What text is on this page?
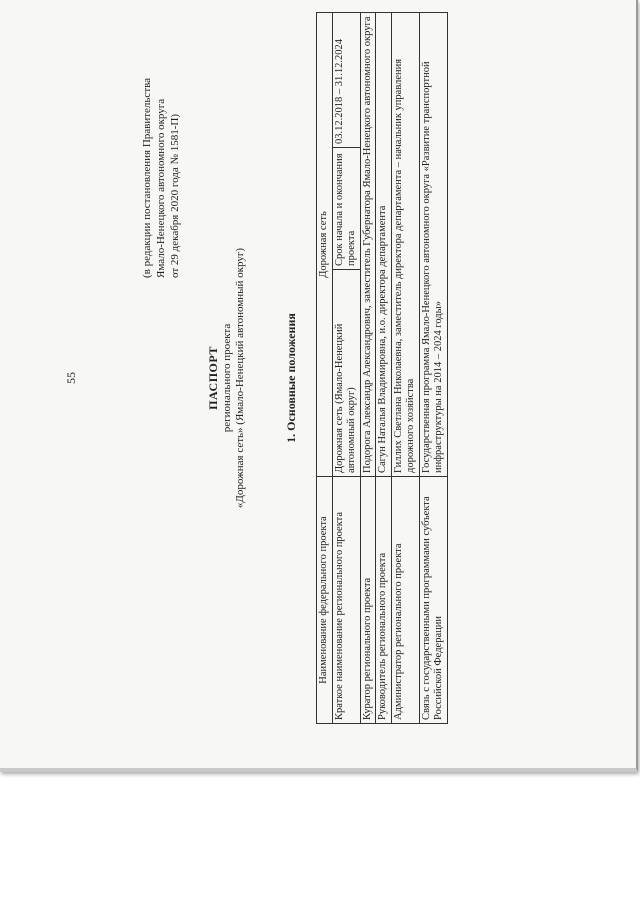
55
(в редакции постановления Правительства Ямало-Ненецкого автономного округа от 29 декабря 2020 года № 1581-П)
ПАСПОРТ регионального проекта «Дорожная сеть» (Ямало-Ненецкий автономный округ)	1. Основные положения
Наименование федерального проекта	Дорожная сеть		
Краткое наименование регионального проекта	Дорожная сеть (Ямало-Ненецкий автономный округ)	Срок начала и окончания проекта	03.12.2018 – 31.12.2024
Куратор регионального проекта	Подорога Александр Александрович, заместитель Губернатора Ямало-Ненецкого автономного округа		
Руководитель регионального проекта	Сагун Наталья Владимировна, и.о. директора департамента		
Администратор регионального проекта	Гиллих Светлана Николаевна, заместитель директора департамента – начальник управления дорожного хозяйства		
Связь с государственными программами субъекта Российской Федерации	Государственная программа Ямало-Ненецкого автономного округа «Развитие транспортной инфраструктуры на 2014 – 2024 годы»		
